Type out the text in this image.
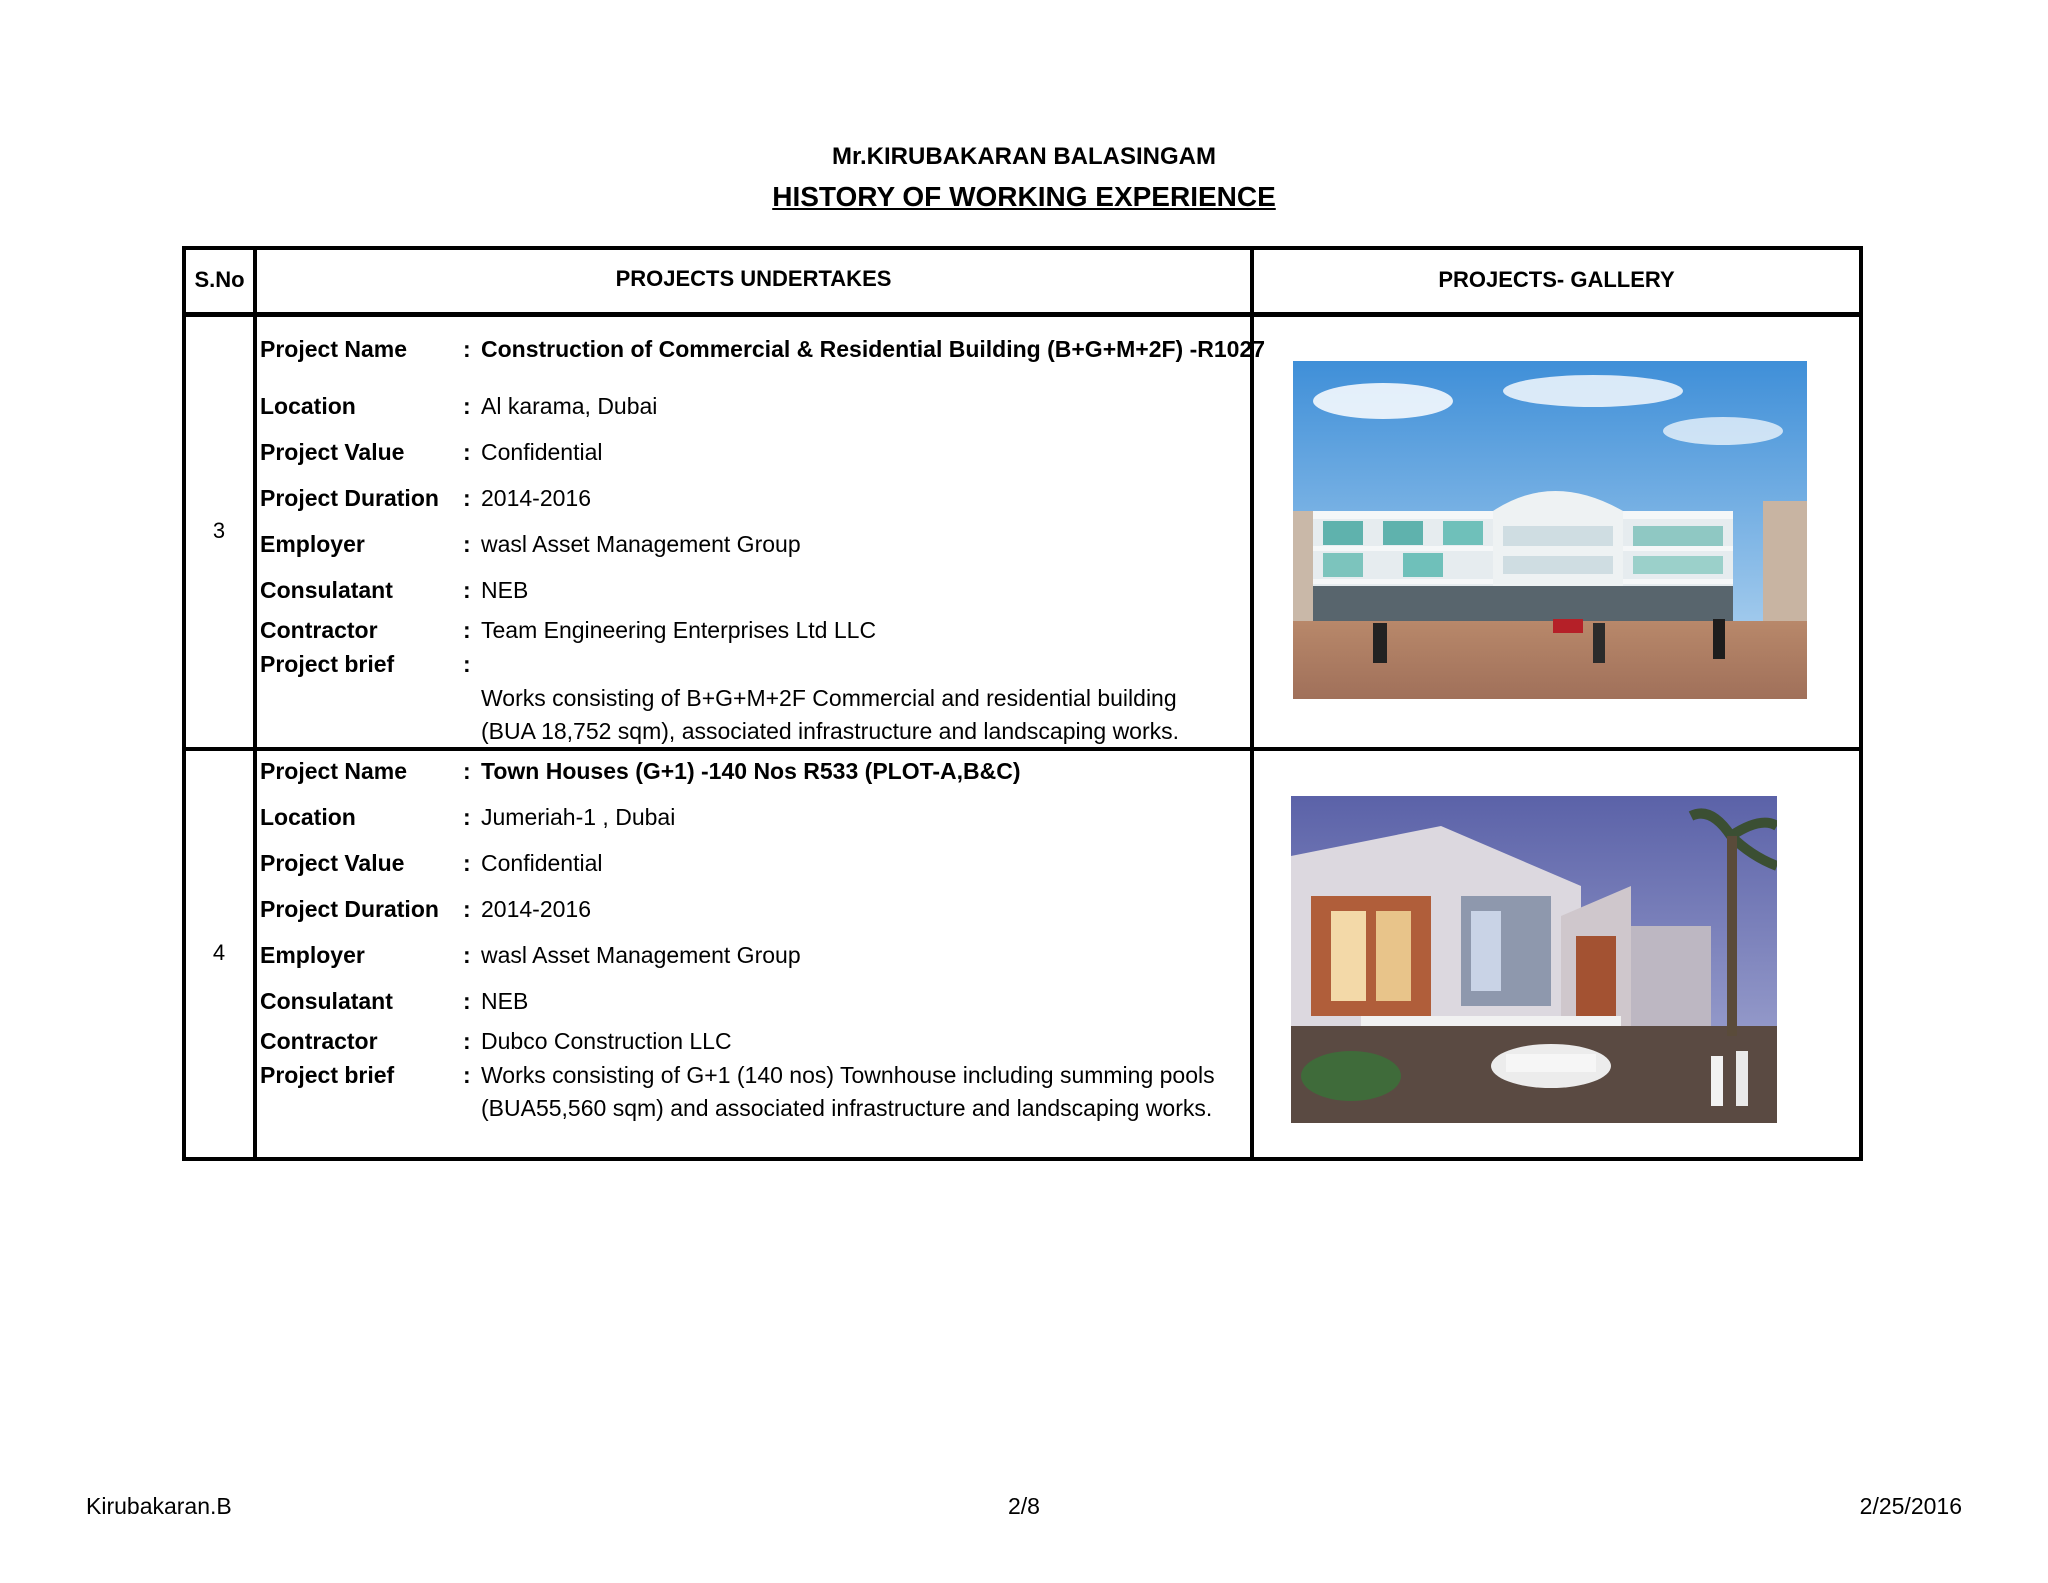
Mr.KIRUBAKARAN BALASINGAM
HISTORY OF WORKING EXPERIENCE
S.No	PROJECTS UNDERTAKES	PROJECTS- GALLERY
3
Project Name : Construction of Commercial & Residential Building (B+G+M+2F) -R1027
Location	: Al karama, Dubai
Project Value	: Confidential
Project Duration : 2014-2016
Employer	: wasl Asset Management Group
Consulatant	: NEB
Contractor	: Team Engineering Enterprises Ltd LLC
Project brief	:
Works consisting of B+G+M+2F Commercial and residential building
(BUA 18,752 sqm), associated infrastructure and landscaping works.
4
Project Name : Town Houses (G+1) -140 Nos R533 (PLOT-A,B&C)
Location	: Jumeriah-1 , Dubai
Project Value	: Confidential
Project Duration : 2014-2016
Employer	: wasl Asset Management Group
Consulatant	: NEB
Contractor	: Dubco Construction LLC
Project brief	: Works consisting of G+1 (140 nos) Townhouse including summing pools
(BUA55,560 sqm) and associated infrastructure and landscaping works.
Kirubakaran.B	2/8	2/25/2016
